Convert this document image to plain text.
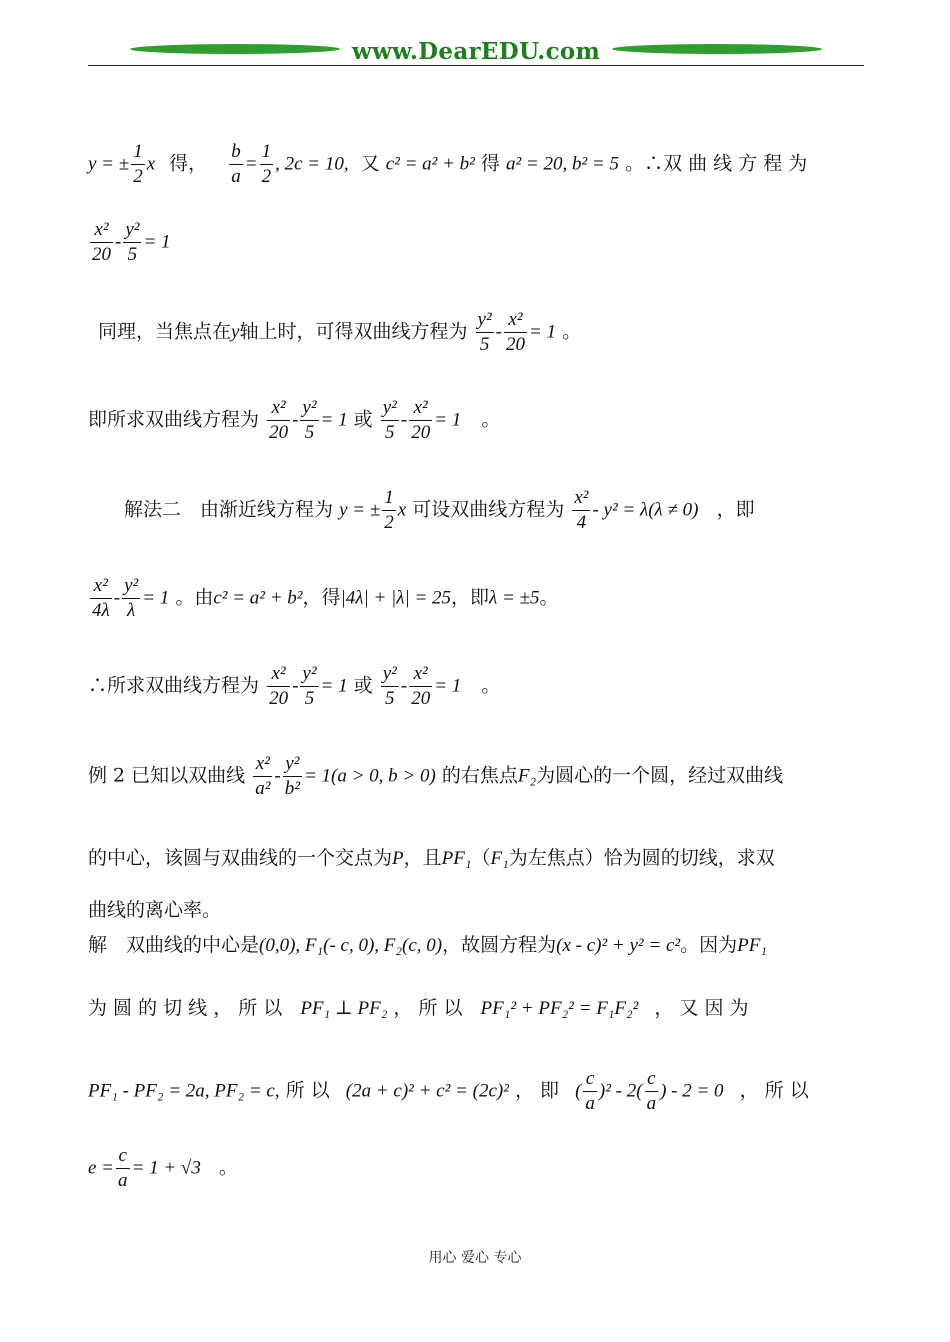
www.DearEDU.com
y = ± $\frac{1}{2}$ x 得， $\frac{b}{a} = \frac{1}{2}$ , 2c = 10, 又 c² = a² + b² 得 a² = 20, b² = 5 。∴双 曲 线 方 程 为
$\frac{\text{x²}}{20} - \frac{\text{y²}}{5} = 1$
同理，当焦点在y轴上时，可得双曲线方程为 $\frac{\text{y²}}{5} - \frac{\text{x²}}{20} = 1$ 。
即所求双曲线方程为 $\frac{\text{x²}}{20} - \frac{\text{y²}}{5} = 1$ 或 $\frac{\text{y²}}{5} - \frac{\text{x²}}{20} = 1$ 。
解法二　由渐近线方程为 y = ± $\frac{1}{2}$ x 可设双曲线方程为 $\frac{\text{x²}}{4} - y^2 = \lambda(\lambda \ne 0)$ ，即
$\frac{\text{x²}}{4\lambda} - \frac{\text{y²}}{\lambda} = 1$ 。由c² = a² + b²，得|4λ| + |λ| = 25，即λ = ±5。
∴所求双曲线方程为 $\frac{\text{x²}}{20} - \frac{\text{y²}}{5} = 1$ 或 $\frac{\text{y²}}{5} - \frac{\text{x²}}{20} = 1$ 。
例 2 已知以双曲线 $\frac{\text{x²}}{\text{a²}} - \frac{\text{y²}}{\text{b²}} = 1(a > 0$, b > 0) 的右焦点F₂为圆心的一个圆，经过双曲线
的中心，该圆与双曲线的一个交点为P，且PF₁（F₁为左焦点）恰为圆的切线，求双
曲线的离心率。
解　双曲线的中心是(0,0), F₁(- c, 0), F₂(c, 0)，故圆方程为(x - c)² + y² = c²。因为PF₁
为 圆 的 切 线 ， 所 以 PF₁ ⊥ PF₂ ， 所 以 PF₁² + PF₂² = F₁F₂² ， 又 因 为
PF₁ - PF₂ = 2a, PF₂ = c, 所 以 (2a + c)² + c² = (2c)² ， 即 ( $\frac{c}{a} )^2 - 2( \frac{c}{a}$ ) - 2 = 0 ， 所 以
$e = \frac{c}{a} = 1 + √3$ 。
用心 爱心 专心
